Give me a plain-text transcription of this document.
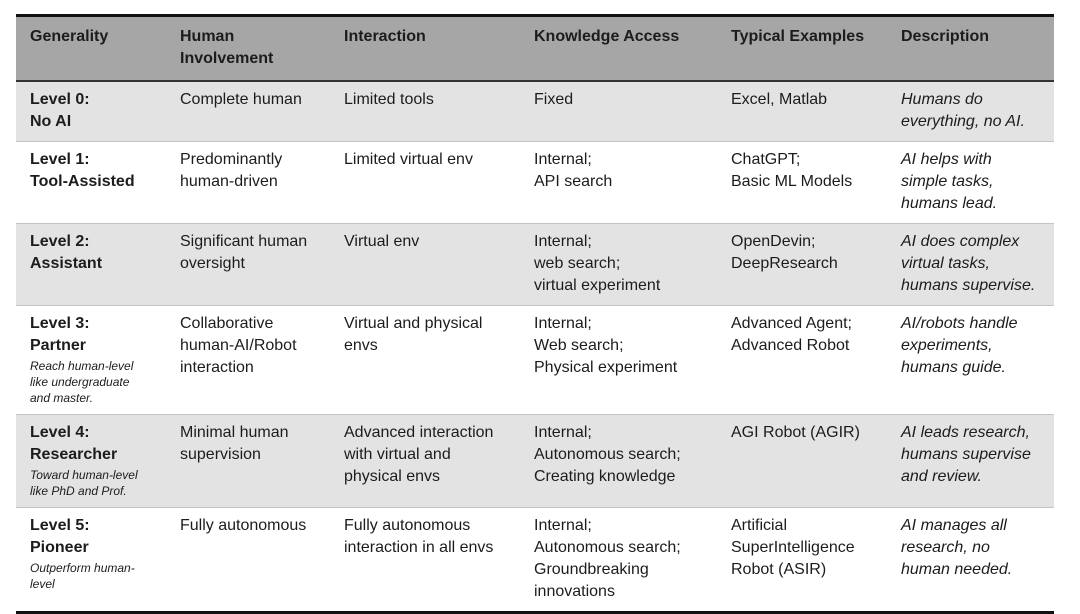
Generality	Human
Involvement	Interaction	Knowledge Access	Typical Examples	Description

Level 0:
No AI	Complete human	Limited tools	Fixed	Excel, Matlab	Humans do
everything, no AI.

Level 1:
Tool-Assisted	Predominantly
human-driven	Limited virtual env	Internal;
API search	ChatGPT;
Basic ML Models	AI helps with
simple tasks,
humans lead.

Level 2:
Assistant	Significant human
oversight	Virtual env	Internal;
web search;
virtual experiment	OpenDevin;
DeepResearch	AI does complex
virtual tasks,
humans supervise.

Level 3:
Partner
Reach human-level
like undergraduate
and master.	Collaborative
human-AI/Robot
interaction	Virtual and physical
envs	Internal;
Web search;
Physical experiment	Advanced Agent;
Advanced Robot	AI/robots handle
experiments,
humans guide.

Level 4:
Researcher
Toward human-level
like PhD and Prof.	Minimal human
supervision	Advanced interaction
with virtual and
physical envs	Internal;
Autonomous search;
Creating knowledge	AGI Robot (AGIR)	AI leads research,
humans supervise
and review.

Level 5:
Pioneer
Outperform human-
level	Fully autonomous	Fully autonomous
interaction in all envs	Internal;
Autonomous search;
Groundbreaking
innovations	Artificial
SuperIntelligence
Robot (ASIR)	AI manages all
research, no
human needed.
